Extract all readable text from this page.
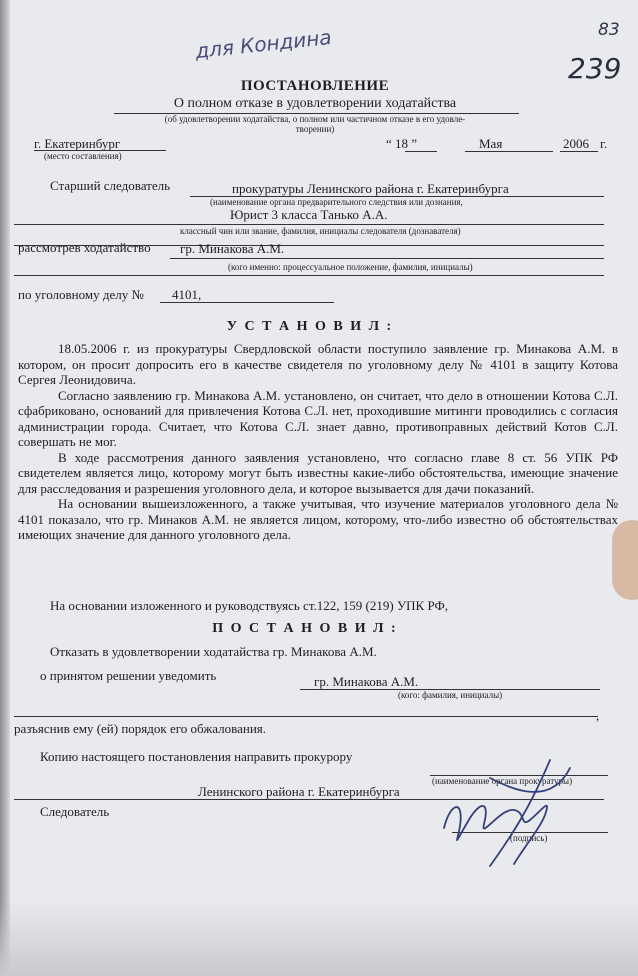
для Кондина	83
239
ПОСТАНОВЛЕНИЕ
О полном отказе в удовлетворении ходатайства
(об удовлетворении ходатайства, о полном или частичном отказе в его удовле-
творении)
г. Екатеринбург
(место составления)
“ 18 ”	Мая	2006 г.
Старший следователь	прокуратуры Ленинского района г. Екатеринбурга
(наименование органа предварительного следствия или дознания,
Юрист 3 класса Танько А.А.
классный чин или звание, фамилия, инициалы следователя (дознавателя)
рассмотрев ходатайство гр. Минакова А.М.
(кого именно: процессуальное положение, фамилия, инициалы)
по уголовному делу № 4101,
У С Т А Н О В И Л :

18.05.2006 г. из прокуратуры Свердловской области поступило заявление гр. Минакова А.М. в котором, он просит допросить его в качестве свидетеля по уголовному делу № 4101 в защиту Котова Сергея Леонидовича.

Согласно заявлению гр. Минакова А.М. установлено, он считает, что дело в отношении Котова С.Л. сфабриковано, оснований для привлечения Котова С.Л. нет, проходившие митинги проводились с согласия администрации города. Считает, что Котова С.Л. знает давно, противоправных действий Котов С.Л. совершать не мог.

В ходе рассмотрения данного заявления установлено, что согласно главе 8 ст. 56 УПК РФ свидетелем является лицо, которому могут быть известны какие-либо обстоятельства, имеющие значение для расследования и разрешения уголовного дела, и которое вызывается для дачи показаний.

На основании вышеизложенного, а также учитывая, что изучение материалов уголовного дела № 4101 показало, что гр. Минаков А.М. не является лицом, которому, что-либо известно об обстоятельствах имеющих значение для данного уголовного дела.

На основании изложенного и руководствуясь ст.122, 159 (219) УПК РФ,
П О С Т А Н О В И Л :
Отказать в удовлетворении ходатайства гр. Минакова А.М.
о принятом решении уведомить	гр. Минакова А.М.
(кого: фамилия, инициалы)
,
разъяснив ему (ей) порядок его обжалования.
Копию настоящего постановления направить прокурору
(наименование органа прокуратуры)
Ленинского района г. Екатеринбурга
Следователь
(подпись)
